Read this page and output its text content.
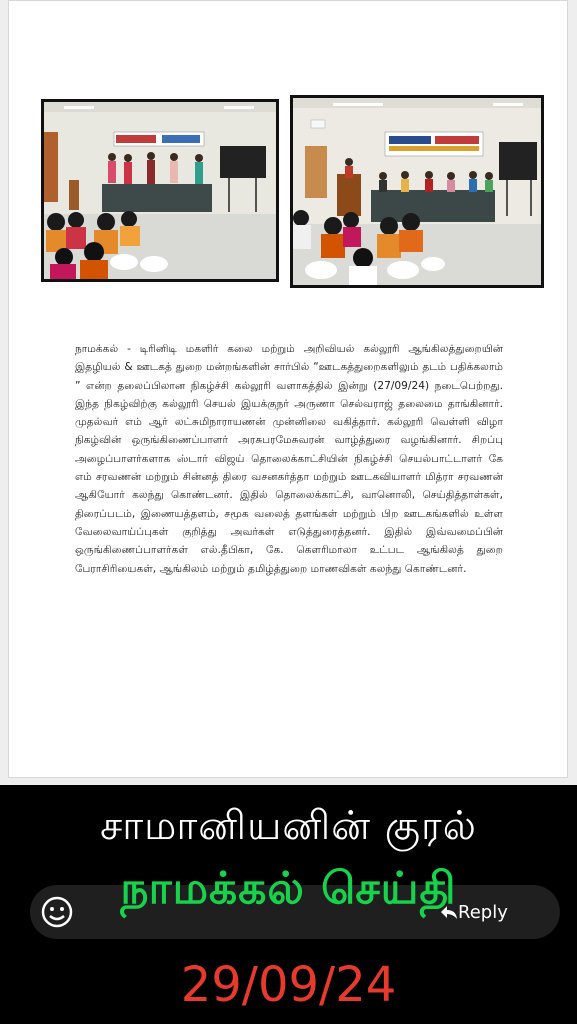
நாமக்கல் - டிரினிடி மகளிர் கலை மற்றும் அறிவியல் கல்லூரி ஆங்கிலத்துறையின் இதழியல் & ஊடகத் துறை மன்றங்களின் சார்பில் “ஊடகத்துறைகளிலும் தடம் பதிக்கலாம் ” என்ற தலைப்பிலான நிகழ்ச்சி கல்லூரி வளாகத்தில் இன்று (27/09/24) நடைபெற்றது. இந்த நிகழ்விற்கு கல்லூரி செயல் இயக்குநர் அருணா செல்வராஜ் தலைமை தாங்கினார். முதல்வர் எம் ஆர் லட்சுமிநாராயணன் முன்னிலை வகித்தார். கல்லூரி வெள்ளி விழா நிகழ்வின் ஒருங்கிணைப்பாளர் அரசுபரமேசுவரன் வாழ்த்துரை வழங்கினார். சிறப்பு அழைப்பாளர்களாக ஸ்டார் விஜய் தொலைக்காட்சியின் நிகழ்ச்சி செயல்பாட்டாளர் கே எம் சரவணன் மற்றும் சின்னத் திரை வசனகர்த்தா மற்றும் ஊடகவியாளர் மித்ரா சரவணன் ஆகியோர் கலந்து கொண்டனர். இதில் தொலைக்காட்சி, வானொலி, செய்தித்தாள்கள், திரைப்படம், இணையத்தளம், சமூக வலைத் தளங்கள் மற்றும் பிற ஊடகங்களில் உள்ள வேலைவாய்ப்புகள் குறித்து அவர்கள் எடுத்துரைத்தனர். இதில் இவ்வமைப்பின் ஒருங்கிணைப்பாளர்கள் எல்.தீபிகா, கே. கௌரிமாலா உட்பட ஆங்கிலத் துறை பேராசிரியைகள், ஆங்கிலம் மற்றும் தமிழ்த்துறை மாணவிகள் கலந்து கொண்டனர்.

சாமானியனின் குரல்
Reply
நாமக்கல் செய்தி
29/09/24
